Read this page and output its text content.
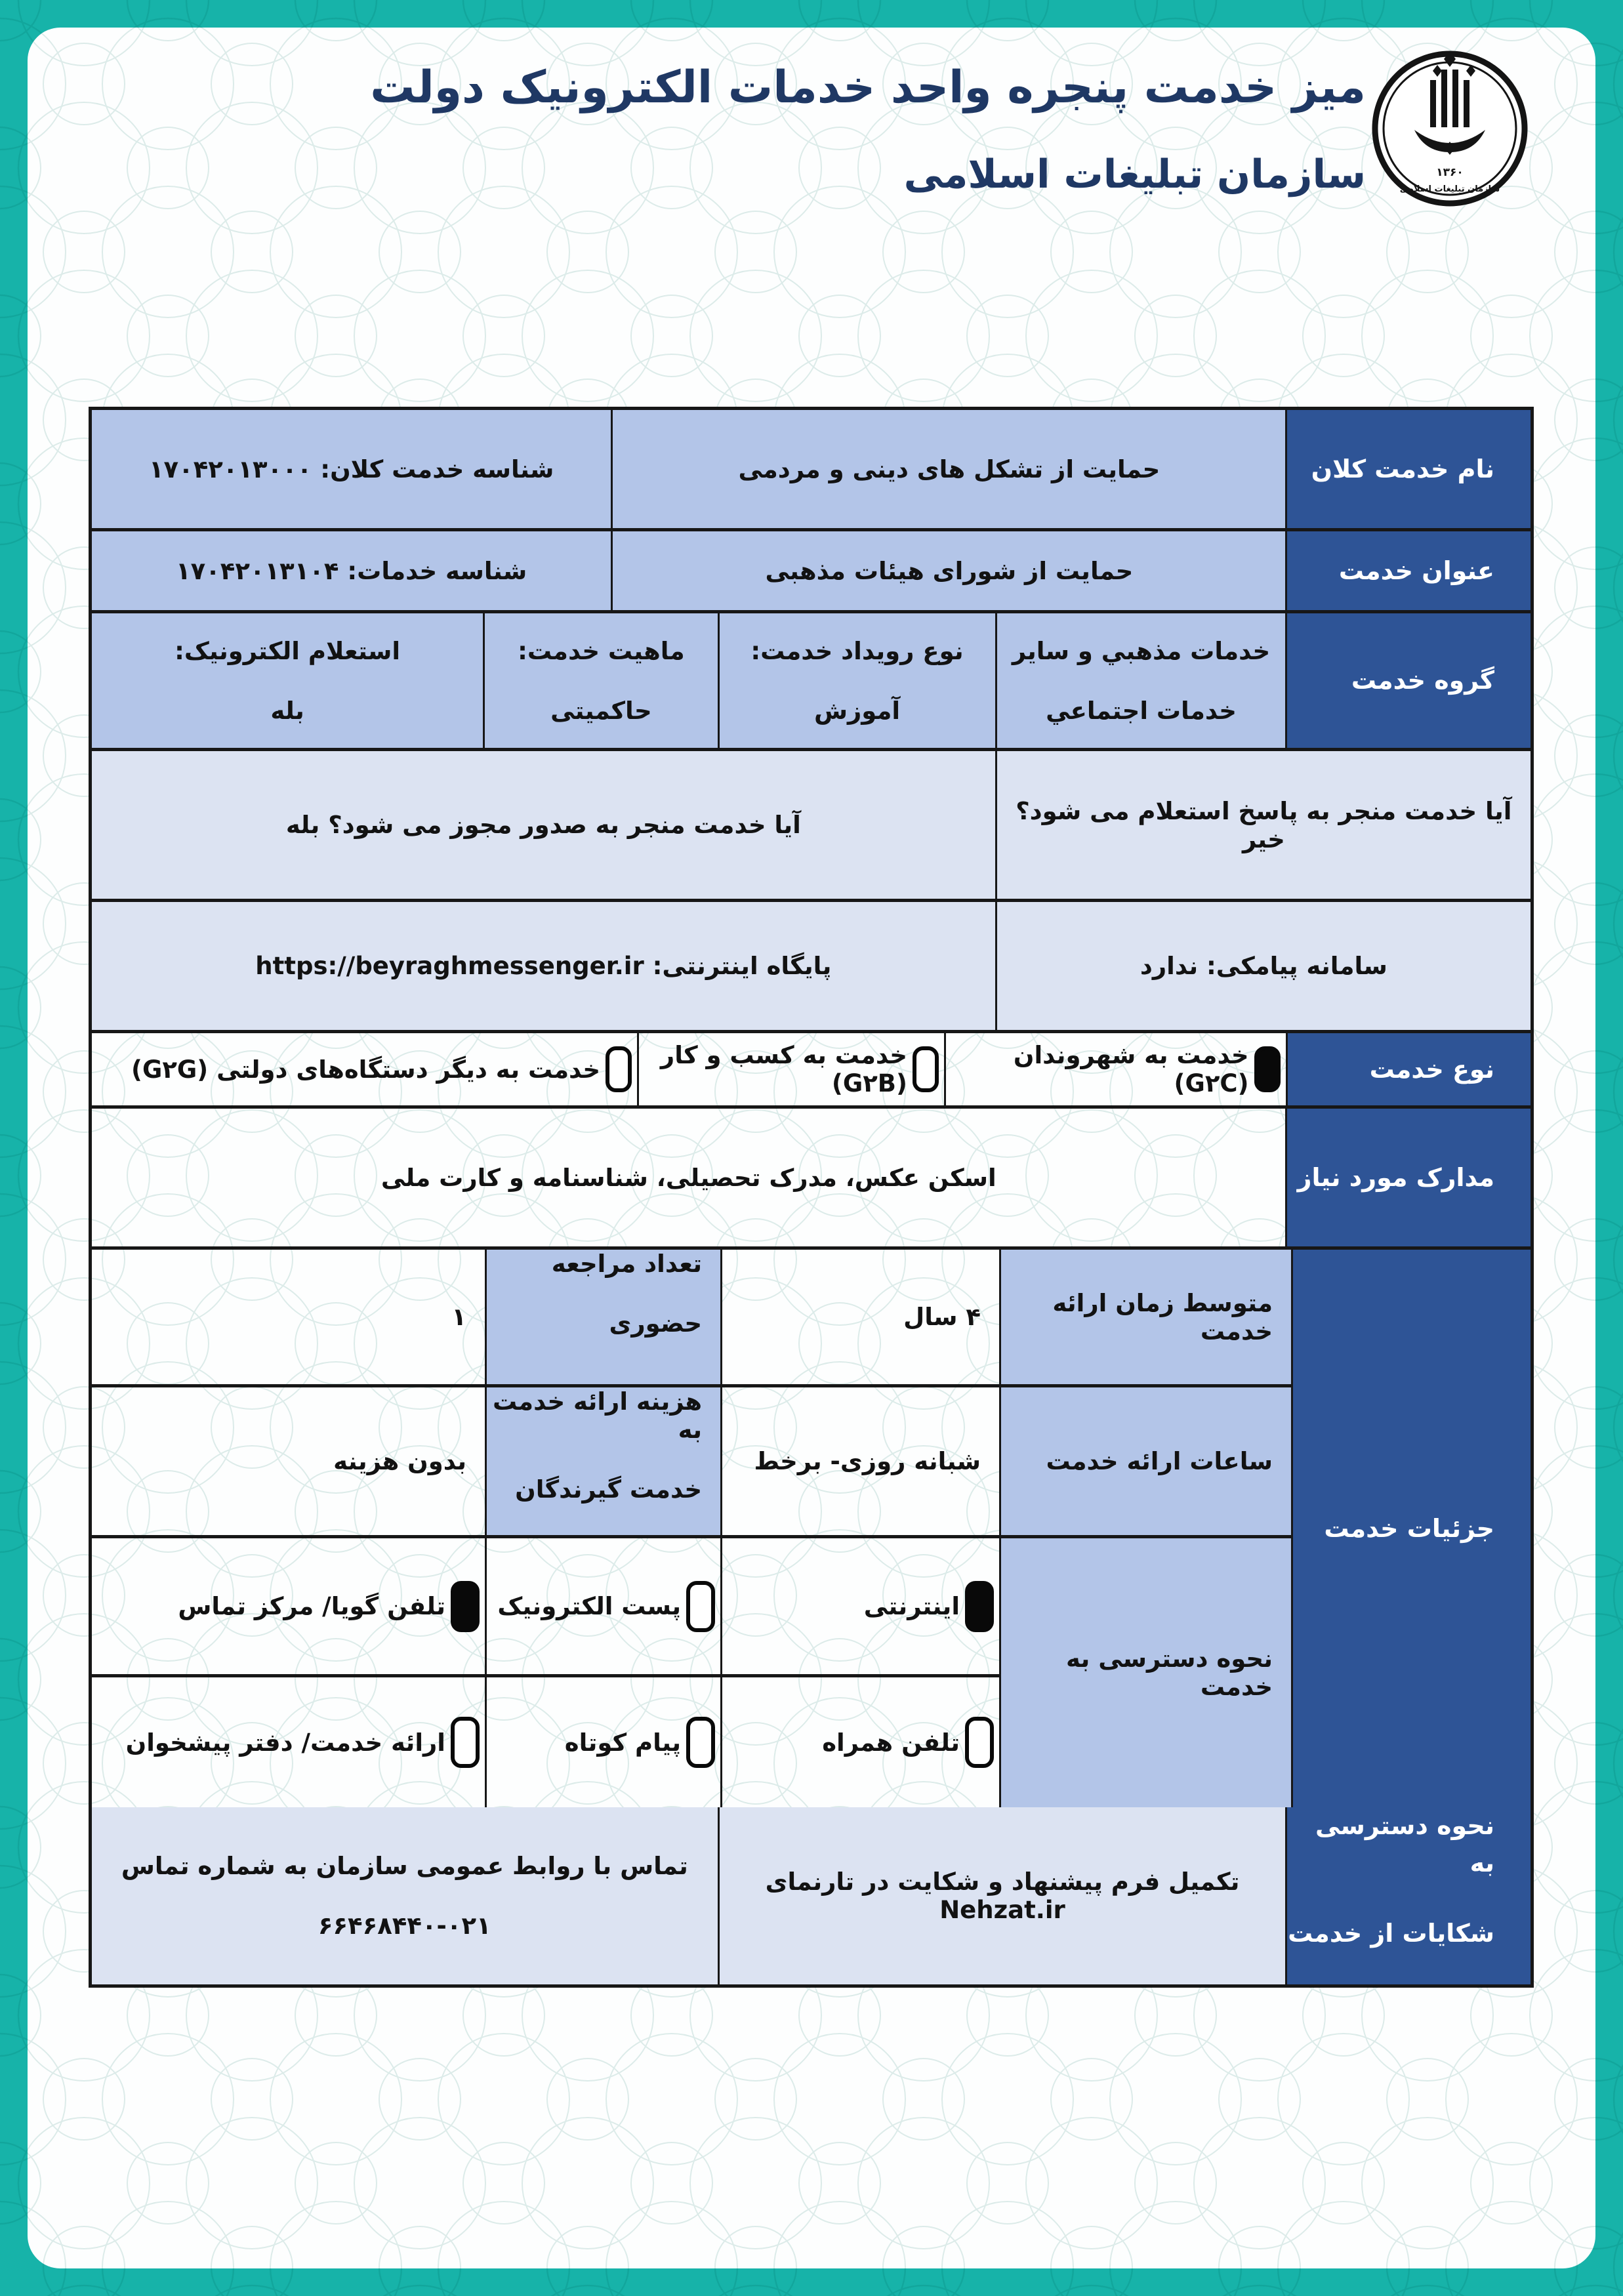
میز خدمت پنجره واحد خدمات الکترونیک دولت
سازمان تبلیغات اسلامی	۱۳۶۰
سازمان تبلیغات اسلامی
نام خدمت کلان
حمایت از تشکل های دینی و مردمی
شناسه خدمت کلان: ۱۷۰۴۲۰۱۳۰۰۰
عنوان خدمت
حمایت از شورای هیئات مذهبی
شناسه خدمات: ۱۷۰۴۲۰۱۳۱۰۴
گروه خدمت
خدمات مذهبي و ساير
خدمات اجتماعي
نوع رویداد خدمت:
آموزش
ماهیت خدمت:
حاکمیتی
استعلام الکترونیک:
بله
آیا خدمت منجر به پاسخ استعلام می شود؟ خیر
آیا خدمت منجر به صدور مجوز می شود؟ بله
سامانه پیامکی: ندارد
پایگاه اینترنتی: https://beyraghmessenger.ir
نوع خدمت
خدمت به شهروندان (G۲C)
خدمت به کسب و کار (G۲B)
خدمت به دیگر دستگاه‌های دولتی (G۲G)
مدارک مورد نیاز
اسکن عکس، مدرک تحصیلی، شناسنامه و کارت ملی
جزئیات خدمت
متوسط زمان ارائه خدمت
۴ سال
تعداد مراجعه
حضوری
۱
ساعات ارائه خدمت
شبانه روزی- برخط
هزینه ارائه خدمت به
خدمت گیرندگان
بدون هزینه
نحوه دسترسی به خدمت
اینترنتی
پست الکترونیک
تلفن گویا/ مرکز تماس
تلفن همراه
پیام کوتاه
ارائه خدمت/ دفتر پیشخوان
نحوه دسترسی به
شکایات از خدمت
تکمیل فرم پیشنهاد و شکایت در تارنمای Nehzat.ir
تماس با روابط عمومی سازمان به شماره تماس
۶۶۴۶۸۴۴۰-۰۲۱
